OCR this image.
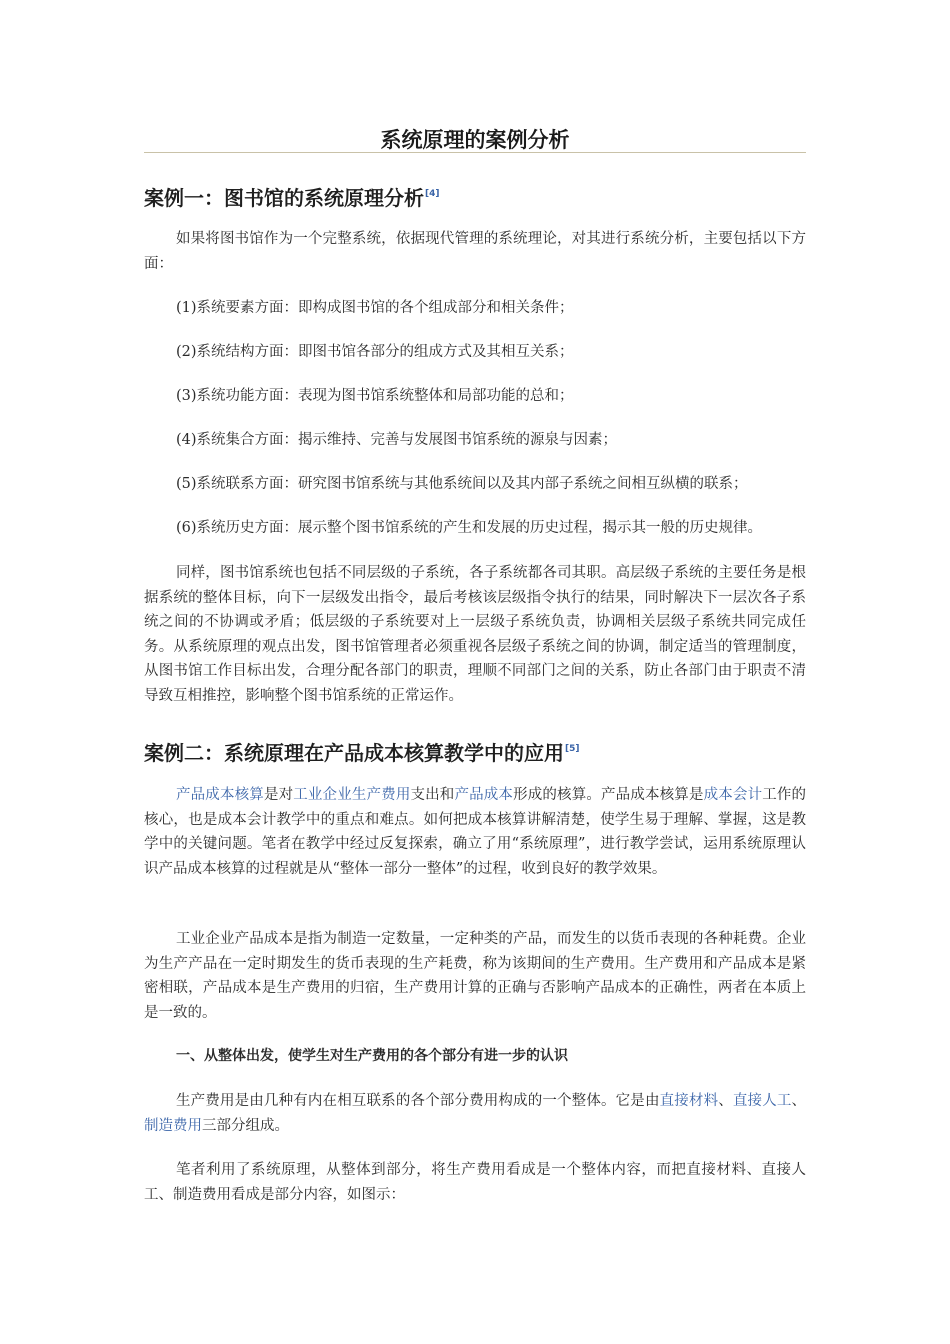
系统原理的案例分析
案例一：图书馆的系统原理分析[4]

如果将图书馆作为一个完整系统，依据现代管理的系统理论，对其进行系统分析，主要包括以下方面：

(1)系统要素方面：即构成图书馆的各个组成部分和相关条件；

(2)系统结构方面：即图书馆各部分的组成方式及其相互关系；

(3)系统功能方面：表现为图书馆系统整体和局部功能的总和；

(4)系统集合方面：揭示维持、完善与发展图书馆系统的源泉与因素；

(5)系统联系方面：研究图书馆系统与其他系统间以及其内部子系统之间相互纵横的联系；

(6)系统历史方面：展示整个图书馆系统的产生和发展的历史过程，揭示其一般的历史规律。

同样，图书馆系统也包括不同层级的子系统，各子系统都各司其职。高层级子系统的主要任务是根据系统的整体目标，向下一层级发出指令，最后考核该层级指令执行的结果，同时解决下一层次各子系统之间的不协调或矛盾；低层级的子系统要对上一层级子系统负责，协调相关层级子系统共同完成任务。从系统原理的观点出发，图书馆管理者必须重视各层级子系统之间的协调，制定适当的管理制度，从图书馆工作目标出发，合理分配各部门的职责，理顺不同部门之间的关系，防止各部门由于职责不清导致互相推控，影响整个图书馆系统的正常运作。

案例二：系统原理在产品成本核算教学中的应用[5]

产品成本核算是对工业企业生产费用支出和产品成本形成的核算。产品成本核算是成本会计工作的核心，也是成本会计教学中的重点和难点。如何把成本核算讲解清楚，使学生易于理解、掌握，这是教学中的关键问题。笔者在教学中经过反复探索，确立了用“系统原理”，进行教学尝试，运用系统原理认识产品成本核算的过程就是从“整体一部分一整体”的过程，收到良好的教学效果。

工业企业产品成本是指为制造一定数量，一定种类的产品，而发生的以货币表现的各种耗费。企业为生产产品在一定时期发生的货币表现的生产耗费，称为该期间的生产费用。生产费用和产品成本是紧密相联，产品成本是生产费用的归宿，生产费用计算的正确与否影响产品成本的正确性，两者在本质上是一致的。

一、从整体出发，使学生对生产费用的各个部分有进一步的认识

生产费用是由几种有内在相互联系的各个部分费用构成的一个整体。它是由直接材料、直接人工、制造费用三部分组成。

笔者利用了系统原理，从整体到部分，将生产费用看成是一个整体内容，而把直接材料、直接人工、制造费用看成是部分内容，如图示：
